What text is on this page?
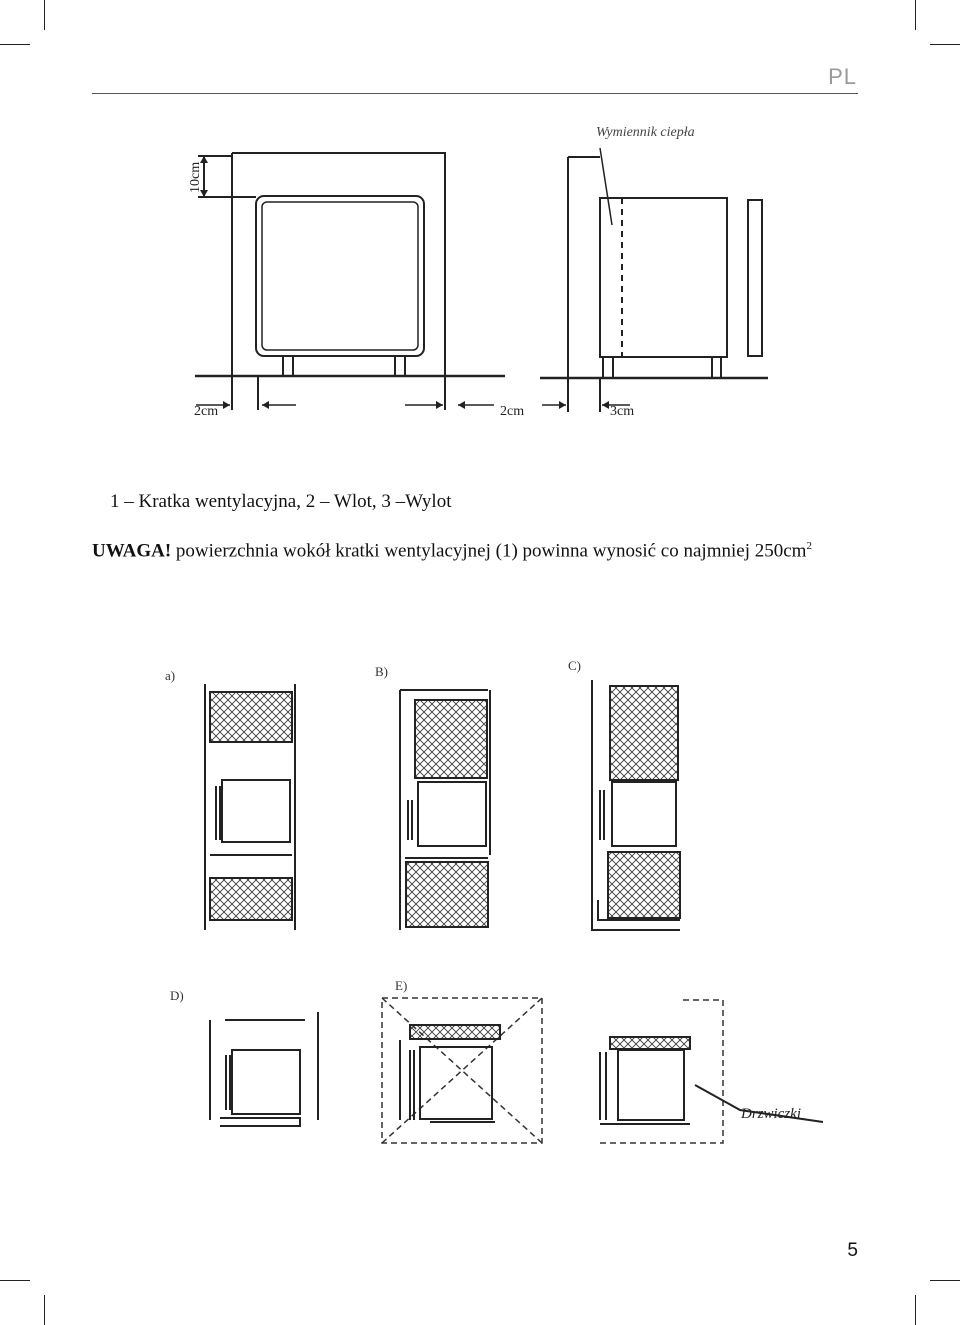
PL
Wymiennik ciepła
10cm
2cm	2cm	3cm
1 – Kratka wentylacyjna, 2 – Wlot, 3 –Wylot
UWAGA! powierzchnia wokół kratki wentylacyjnej (1) powinna wynosić co najmniej $250cm^2$
a)	B)	C)
D)
E)
Drzwiczki
5
